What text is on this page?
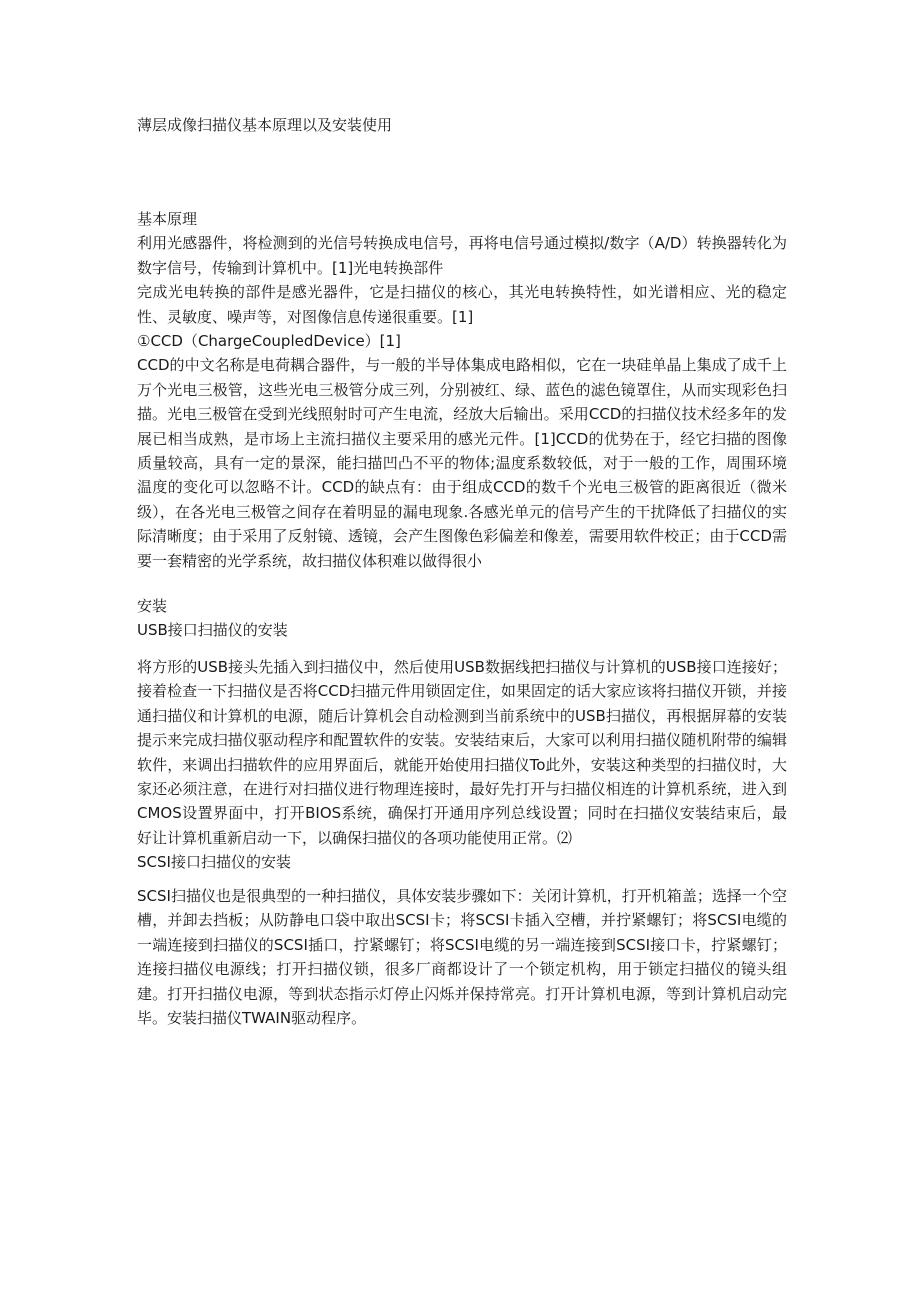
薄层成像扫描仪基本原理以及安装使用

基本原理

利用光感器件，将检测到的光信号转换成电信号，再将电信号通过模拟/数字（A/D）转换器转化为数字信号，传输到计算机中。[1]光电转换部件

完成光电转换的部件是感光器件，它是扫描仪的核心，其光电转换特性，如光谱相应、光的稳定性、灵敏度、噪声等，对图像信息传递很重要。[1]

①CCD（ChargeCoupledDevice）[1]

CCD的中文名称是电荷耦合器件，与一般的半导体集成电路相似，它在一块硅单晶上集成了成千上万个光电三极管，这些光电三极管分成三列，分别被红、绿、蓝色的滤色镜罩住，从而实现彩色扫描。光电三极管在受到光线照射时可产生电流，经放大后输出。采用CCD的扫描仪技术经多年的发展已相当成熟，是市场上主流扫描仪主要采用的感光元件。[1]CCD的优势在于，经它扫描的图像质量较高，具有一定的景深，能扫描凹凸不平的物体;温度系数较低，对于一般的工作，周围环境温度的变化可以忽略不计。CCD的缺点有：由于组成CCD的数千个光电三极管的距离很近（微米级），在各光电三极管之间存在着明显的漏电现象.各感光单元的信号产生的干扰降低了扫描仪的实际清晰度；由于采用了反射镜、透镜，会产生图像色彩偏差和像差，需要用软件校正；由于CCD需要一套精密的光学系统，故扫描仪体积难以做得很小

安装

USB接口扫描仪的安装

将方形的USB接头先插入到扫描仪中，然后使用USB数据线把扫描仪与计算机的USB接口连接好；接着检查一下扫描仪是否将CCD扫描元件用锁固定住，如果固定的话大家应该将扫描仪开锁，并接通扫描仪和计算机的电源，随后计算机会自动检测到当前系统中的USB扫描仪，再根据屏幕的安装提示来完成扫描仪驱动程序和配置软件的安装。安装结束后，大家可以利用扫描仪随机附带的编辑软件，来调出扫描软件的应用界面后，就能开始使用扫描仪To此外，安装这种类型的扫描仪时，大家还必须注意，在进行对扫描仪进行物理连接时，最好先打开与扫描仪相连的计算机系统，进入到CMOS设置界面中，打开BIOS系统，确保打开通用序列总线设置；同时在扫描仪安装结束后，最好让计算机重新启动一下，以确保扫描仪的各项功能使用正常。⑵

SCSI接口扫描仪的安装

SCSI扫描仪也是很典型的一种扫描仪，具体安装步骤如下：关闭计算机，打开机箱盖；选择一个空槽，并卸去挡板；从防静电口袋中取出SCSI卡；将SCSI卡插入空槽，并拧紧螺钉；将SCSI电缆的一端连接到扫描仪的SCSI插口，拧紧螺钉；将SCSI电缆的另一端连接到SCSI接口卡，拧紧螺钉；连接扫描仪电源线；打开扫描仪锁，很多厂商都设计了一个锁定机构，用于锁定扫描仪的镜头组建。打开扫描仪电源，等到状态指示灯停止闪烁并保持常亮。打开计算机电源，等到计算机启动完毕。安装扫描仪TWAIN驱动程序。
